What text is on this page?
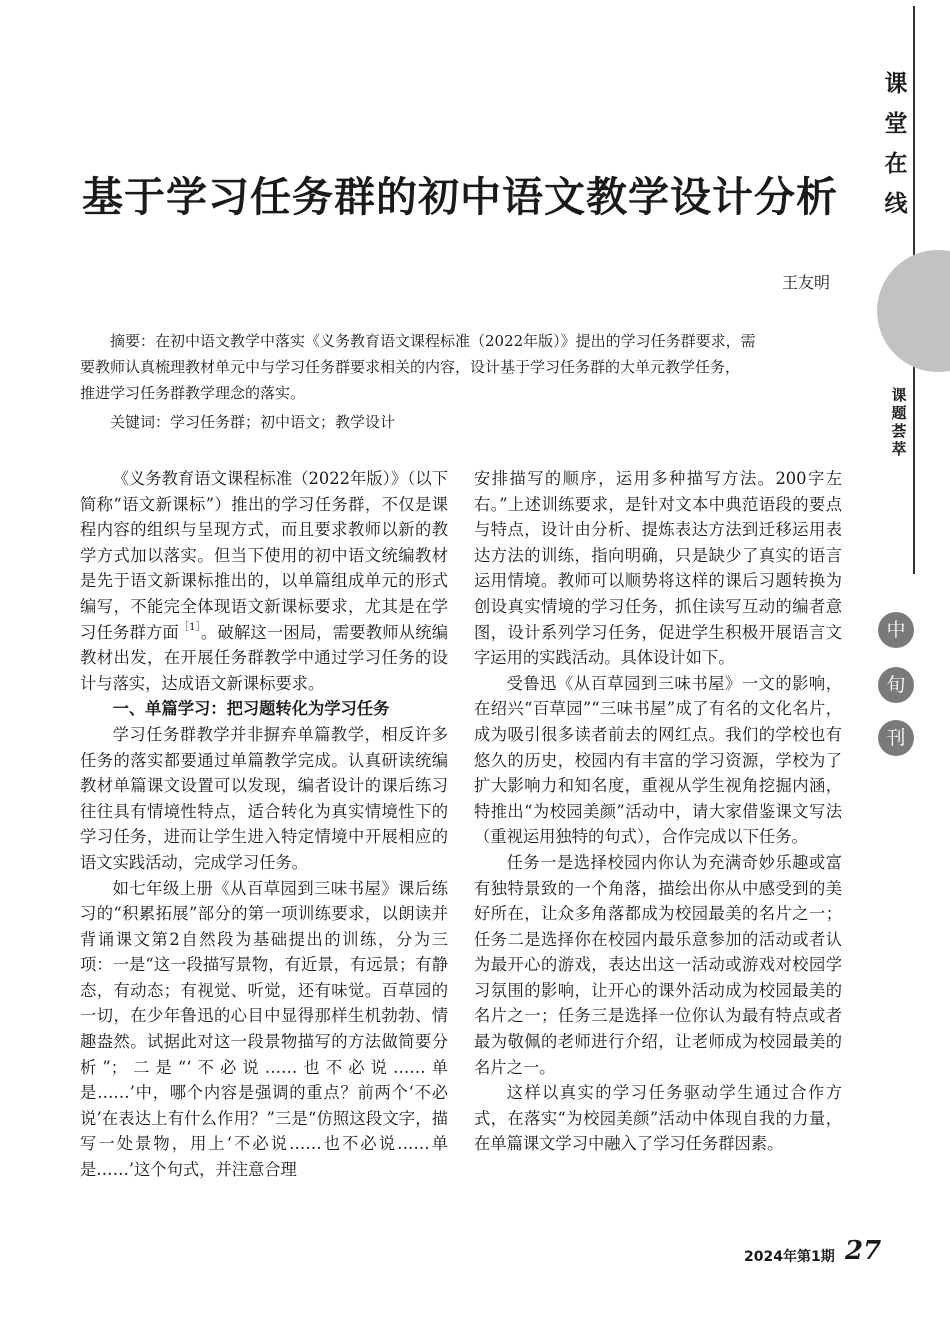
课
堂
在
线
课
题
荟
萃
中
旬
刊
基于学习任务群的初中语文教学设计分析
王友明

摘要：在初中语文教学中落实《义务教育语文课程标准（2022年版）》提出的学习任务群要求，需

要教师认真梳理教材单元中与学习任务群要求相关的内容，设计基于学习任务群的大单元教学任务，

推进学习任务群教学理念的落实。

关键词：学习任务群；初中语文；教学设计

《义务教育语文课程标准（2022年版）》（以下简称“语文新课标”）推出的学习任务群，不仅是课程内容的组织与呈现方式，而且要求教师以新的教学方式加以落实。但当下使用的初中语文统编教材是先于语文新课标推出的，以单篇组成单元的形式编写，不能完全体现语文新课标要求，尤其是在学习任务群方面$^{[1]}$。破解这一困局，需要教师从统编教材出发，在开展任务群教学中通过学习任务的设计与落实，达成语文新课标要求。

一、单篇学习：把习题转化为学习任务

学习任务群教学并非摒弃单篇教学，相反许多任务的落实都要通过单篇教学完成。认真研读统编教材单篇课文设置可以发现，编者设计的课后练习往往具有情境性特点，适合转化为真实情境性下的学习任务，进而让学生进入特定情境中开展相应的语文实践活动，完成学习任务。

如七年级上册《从百草园到三味书屋》课后练习的“积累拓展”部分的第一项训练要求，以朗读并背诵课文第2自然段为基础提出的训练，分为三项：一是“这一段描写景物，有近景，有远景；有静态，有动态；有视觉、听觉，还有味觉。百草园的一切，在少年鲁迅的心目中显得那样生机勃勃、情趣盎然。试据此对这一段景物描写的方法做简要分析”；二是“‘不必说……也不必说……单是……’中，哪个内容是强调的重点？前两个‘不必说’在表达上有什么作用？”三是“仿照这段文字，描写一处景物，用上‘不必说……也不必说……单是……’这个句式，并注意合理

安排描写的顺序，运用多种描写方法。200字左右。”上述训练要求，是针对文本中典范语段的要点与特点，设计由分析、提炼表达方法到迁移运用表达方法的训练，指向明确，只是缺少了真实的语言运用情境。教师可以顺势将这样的课后习题转换为创设真实情境的学习任务，抓住读写互动的编者意图，设计系列学习任务，促进学生积极开展语言文字运用的实践活动。具体设计如下。

受鲁迅《从百草园到三味书屋》一文的影响，在绍兴“百草园”“三味书屋”成了有名的文化名片，成为吸引很多读者前去的网红点。我们的学校也有悠久的历史，校园内有丰富的学习资源，学校为了扩大影响力和知名度，重视从学生视角挖掘内涵，特推出“为校园美颜”活动中，请大家借鉴课文写法（重视运用独特的句式），合作完成以下任务。

任务一是选择校园内你认为充满奇妙乐趣或富有独特景致的一个角落，描绘出你从中感受到的美好所在，让众多角落都成为校园最美的名片之一；任务二是选择你在校园内最乐意参加的活动或者认为最开心的游戏，表达出这一活动或游戏对校园学习氛围的影响，让开心的课外活动成为校园最美的名片之一；任务三是选择一位你认为最有特点或者最为敬佩的老师进行介绍，让老师成为校园最美的名片之一。

这样以真实的学习任务驱动学生通过合作方式，在落实“为校园美颜”活动中体现自我的力量，在单篇课文学习中融入了学习任务群因素。

2024年第1期 27
